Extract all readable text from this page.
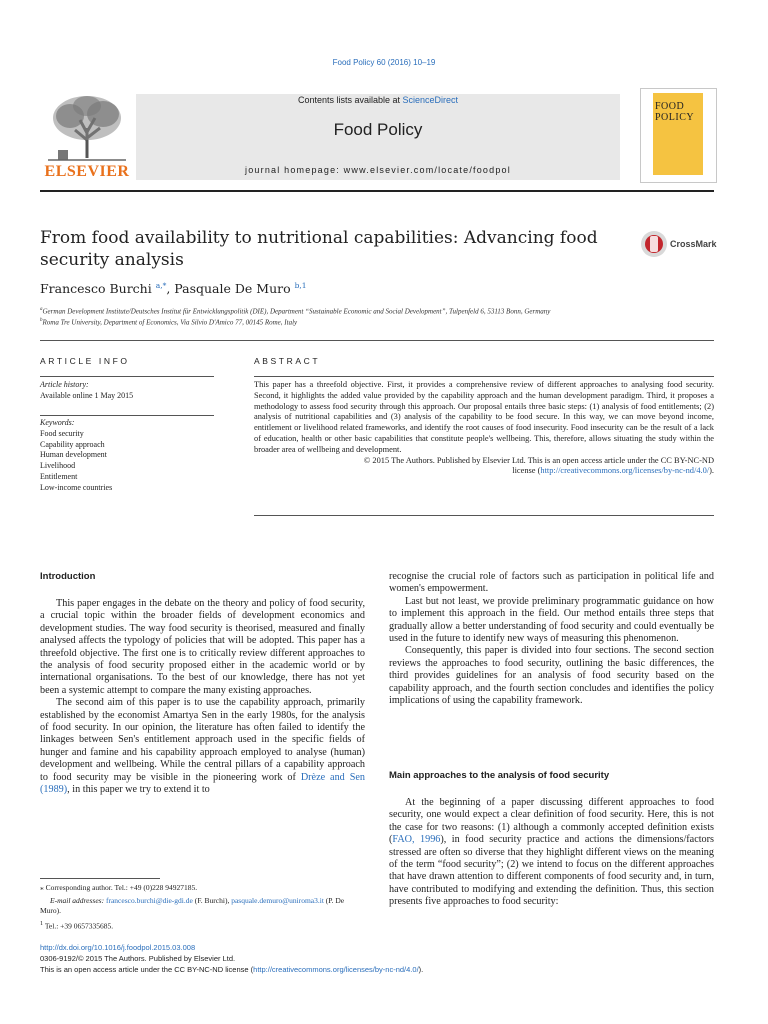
Food Policy 60 (2016) 10–19
ELSEVIER
Contents lists available at ScienceDirect
Food Policy
journal homepage: www.elsevier.com/locate/foodpol
FOOD
POLICY
From food availability to nutritional capabilities: Advancing food security analysis
CrossMark
Francesco Burchi $^{a,*}$, Pasquale De Muro $^{b,1}$
$^a$German Development Institute/Deutsches Institut für Entwicklungspolitik (DIE), Department “Sustainable Economic and Social Development”, Tulpenfeld 6, 53113 Bonn, Germany
$^b$Roma Tre University, Department of Economics, Via Silvio D'Amico 77, 00145 Rome, Italy
ARTICLE INFO
Article history:
Available online 1 May 2015
Keywords:
Food security
Capability approach
Human development
Livelihood
Entitlement
Low-income countries
ABSTRACT
This paper has a threefold objective. First, it provides a comprehensive review of different approaches to analysing food security. Second, it highlights the added value provided by the capability approach and the human development paradigm. Third, it proposes a methodology to assess food security through this approach. Our proposal entails three basic steps: (1) analysis of food entitlements; (2) analysis of nutritional capabilities and (3) analysis of the capability to be food secure. In this way, we can move beyond income, entitlement or livelihood related frameworks, and identify the root causes of food insecurity. Food insecurity can be the result of a lack of education, health or other basic capabilities that constitute people's wellbeing. This, therefore, allows situating the study within the broader area of wellbeing and development.
© 2015 The Authors. Published by Elsevier Ltd. This is an open access article under the CC BY-NC-ND
license (http://creativecommons.org/licenses/by-nc-nd/4.0/).
Introduction

This paper engages in the debate on the theory and policy of food security, a crucial topic within the broader fields of development economics and development studies. The way food security is theorised, measured and finally analysed affects the typology of policies that will be adopted. This paper has a threefold objective. The first one is to critically review different approaches to the analysis of food security proposed either in the academic world or by international organisations. To the best of our knowledge, there has not yet been a systemic attempt to compare the many existing approaches.

The second aim of this paper is to use the capability approach, primarily established by the economist Amartya Sen in the early 1980s, for the analysis of food security. In our opinion, the literature has often failed to identify the linkages between Sen's entitlement approach used in the specific fields of hunger and famine and his capability approach employed to analyse (human) development and wellbeing. While the central pillars of a capability approach to food security may be visible in the pioneering work of Drèze and Sen (1989), in this paper we try to extend it to

⁎ Corresponding author. Tel.: +49 (0)228 94927185.
E-mail addresses: francesco.burchi@die-gdi.de (F. Burchi), pasquale.demuro@uniroma3.it (P. De Muro).
$^1$ Tel.: +39 0657335685.

recognise the crucial role of factors such as participation in political life and women's empowerment.

Last but not least, we provide preliminary programmatic guidance on how to implement this approach in the field. Our method entails three steps that gradually allow a better understanding of food security and could eventually be used in the future to identify new ways of measuring this phenomenon.

Consequently, this paper is divided into four sections. The second section reviews the approaches to food security, outlining the basic differences, the third provides guidelines for an analysis of food security based on the capability approach, and the fourth section concludes and identifies the policy implications of using the capability framework.

Main approaches to the analysis of food security

At the beginning of a paper discussing different approaches to food security, one would expect a clear definition of food security. Here, this is not the case for two reasons: (1) although a commonly accepted definition exists (FAO, 1996), in food security practice and actions the dimensions/factors stressed are often so diverse that they highlight different views on the meaning of the term “food security”; (2) we intend to focus on the different approaches that have drawn attention to different components of food security and, in turn, have contributed to modifying and extending the definition. Thus, this section presents five approaches to food security:

http://dx.doi.org/10.1016/j.foodpol.2015.03.008
0306-9192/© 2015 The Authors. Published by Elsevier Ltd.
This is an open access article under the CC BY-NC-ND license (http://creativecommons.org/licenses/by-nc-nd/4.0/).
